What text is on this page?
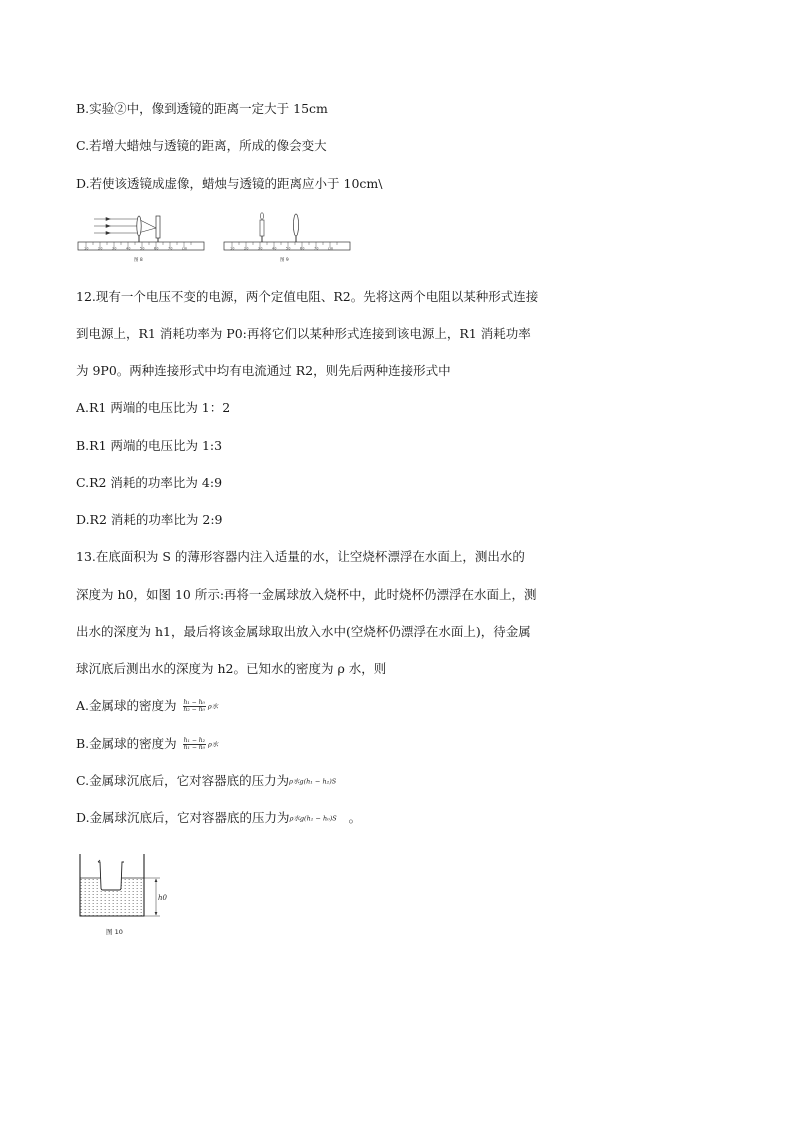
B.实验②中，像到透镜的距离一定大于 15cm
C.若增大蜡烛与透镜的距离，所成的像会变大
D.若使该透镜成虚像，蜡烛与透镜的距离应小于 10cm\
10	20	30	40	50	60	70	cm
图 8
10	20	30	40	50	60	70	cm
图 9
12.现有一个电压不变的电源，两个定值电阻、R2。先将这两个电阻以某种形式连接
到电源上，R1 消耗功率为 P0:再将它们以某种形式连接到该电源上，R1 消耗功率
为 9P0。两种连接形式中均有电流通过 R2，则先后两种连接形式中
A.R1 两端的电压比为 1：2
B.R1 两端的电压比为 1:3
C.R2 消耗的功率比为 4:9
D.R2 消耗的功率比为 2:9
13.在底面积为 S 的薄形容器内注入适量的水，让空烧杯漂浮在水面上，测出水的
深度为 h0，如图 10 所示:再将一金属球放入烧杯中，此时烧杯仍漂浮在水面上，测
出水的深度为 h1，最后将该金属球取出放入水中(空烧杯仍漂浮在水面上)，待金属
球沉底后测出水的深度为 h2。已知水的密度为 ρ 水，则
A.金属球的密度为 $\frac{\text{h₁ − h₀}}{\text{h₂ − h₀}}$ ρ水
B.金属球的密度为 $\frac{\text{h₁ − h₂}}{\text{h₁ − h₀}}$ ρ水
C.金属球沉底后，它对容器底的压力为ρ水g(h₁ − h₂)S
D.金属球沉底后，它对容器底的压力为ρ水g(h₁ − h₀)S 。
h0
图 10
